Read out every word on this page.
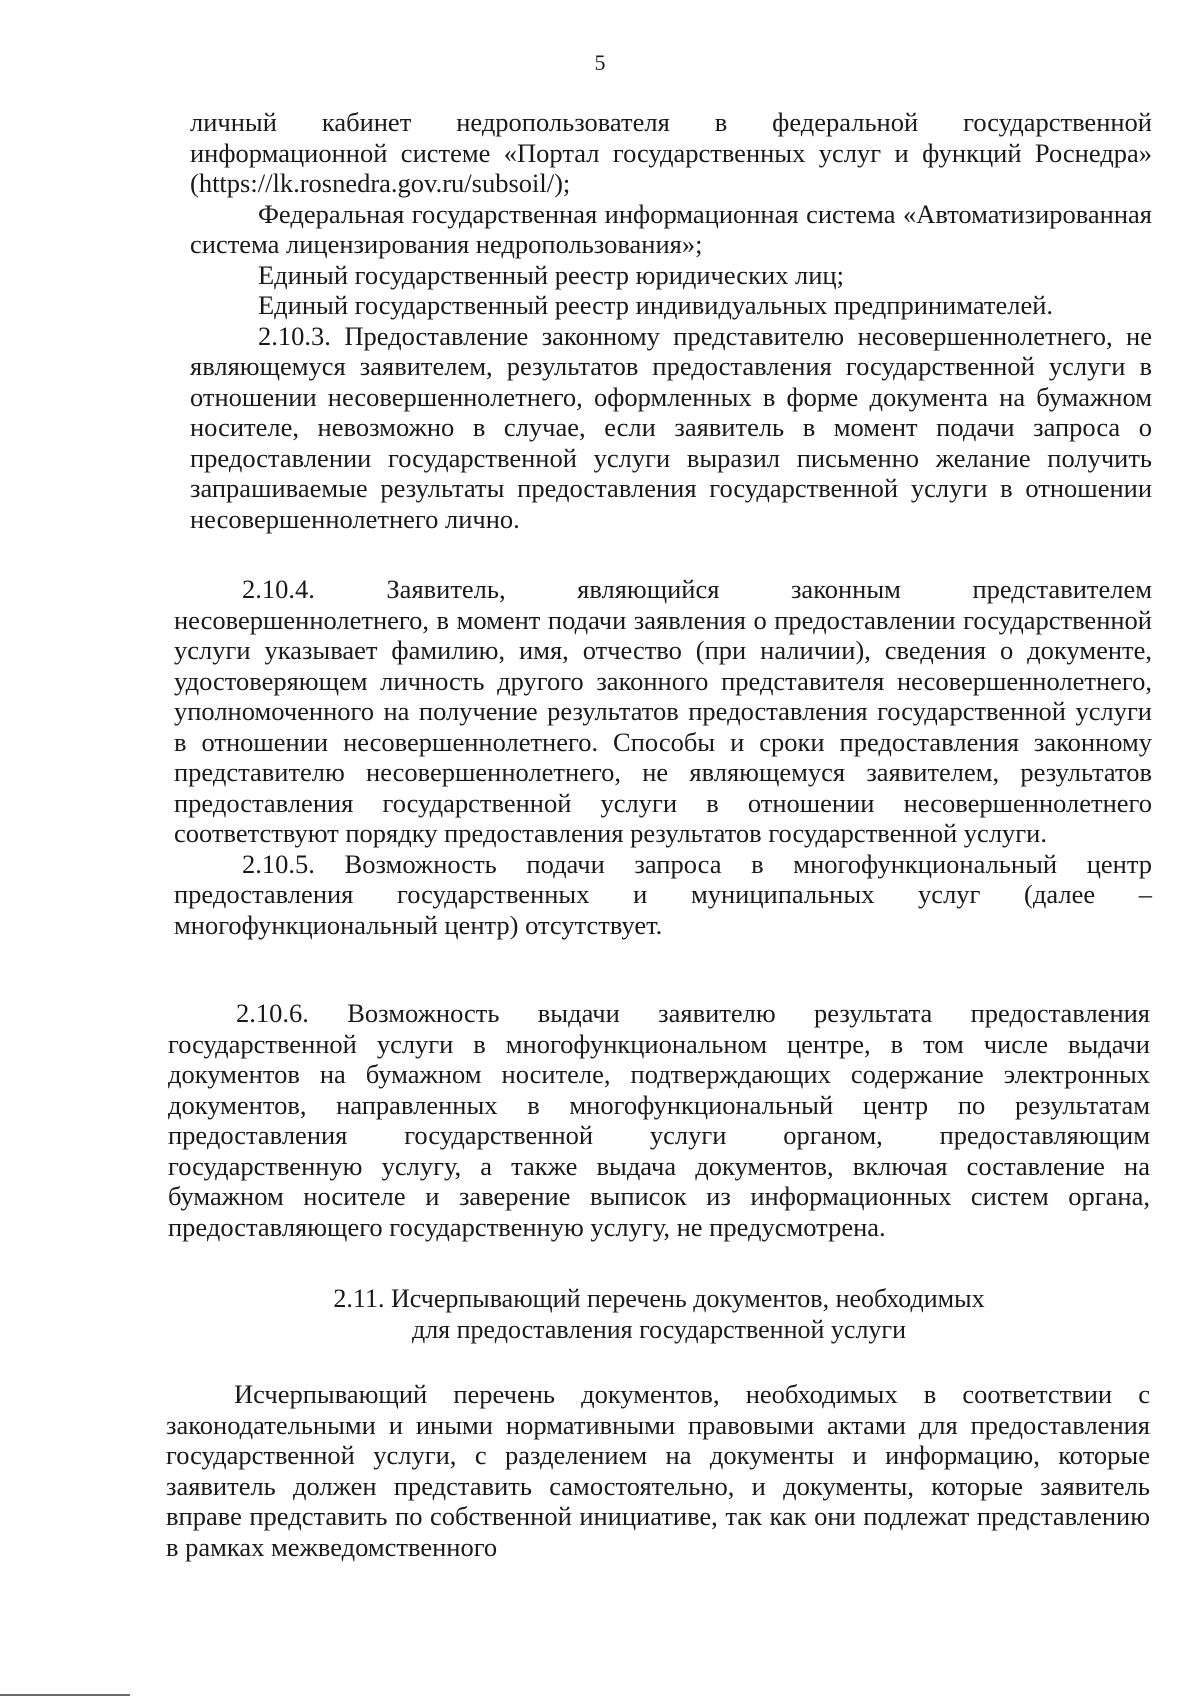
5

личный кабинет недропользователя в федеральной государственной информационной системе «Портал государственных услуг и функций Роснедра» (https://lk.rosnedra.gov.ru/subsoil/);

Федеральная государственная информационная система «Автоматизированная система лицензирования недропользования»;

Единый государственный реестр юридических лиц;

Единый государственный реестр индивидуальных предпринимателей.

2.10.3. Предоставление законному представителю несовершеннолетнего, не являющемуся заявителем, результатов предоставления государственной услуги в отношении несовершеннолетнего, оформленных в форме документа на бумажном носителе, невозможно в случае, если заявитель в момент подачи запроса о предоставлении государственной услуги выразил письменно желание получить запрашиваемые результаты предоставления государственной услуги в отношении несовершеннолетнего лично.

2.10.4. Заявитель, являющийся законным представителем несовершеннолетнего, в момент подачи заявления о предоставлении государственной услуги указывает фамилию, имя, отчество (при наличии), сведения о документе, удостоверяющем личность другого законного представителя несовершеннолетнего, уполномоченного на получение результатов предоставления государственной услуги в отношении несовершеннолетнего. Способы и сроки предоставления законному представителю несовершеннолетнего, не являющемуся заявителем, результатов предоставления государственной услуги в отношении несовершеннолетнего соответствуют порядку предоставления результатов государственной услуги.

2.10.5. Возможность подачи запроса в многофункциональный центр предоставления государственных и муниципальных услуг (далее – многофункциональный центр) отсутствует.

2.10.6. Возможность выдачи заявителю результата предоставления государственной услуги в многофункциональном центре, в том числе выдачи документов на бумажном носителе, подтверждающих содержание электронных документов, направленных в многофункциональный центр по результатам предоставления государственной услуги органом, предоставляющим государственную услугу, а также выдача документов, включая составление на бумажном носителе и заверение выписок из информационных систем органа, предоставляющего государственную услугу, не предусмотрена.

2.11. Исчерпывающий перечень документов, необходимых
для предоставления государственной услуги

Исчерпывающий перечень документов, необходимых в соответствии с законодательными и иными нормативными правовыми актами для предоставления государственной услуги, с разделением на документы и информацию, которые заявитель должен представить самостоятельно, и документы, которые заявитель вправе представить по собственной инициативе, так как они подлежат представлению в рамках межведомственного
